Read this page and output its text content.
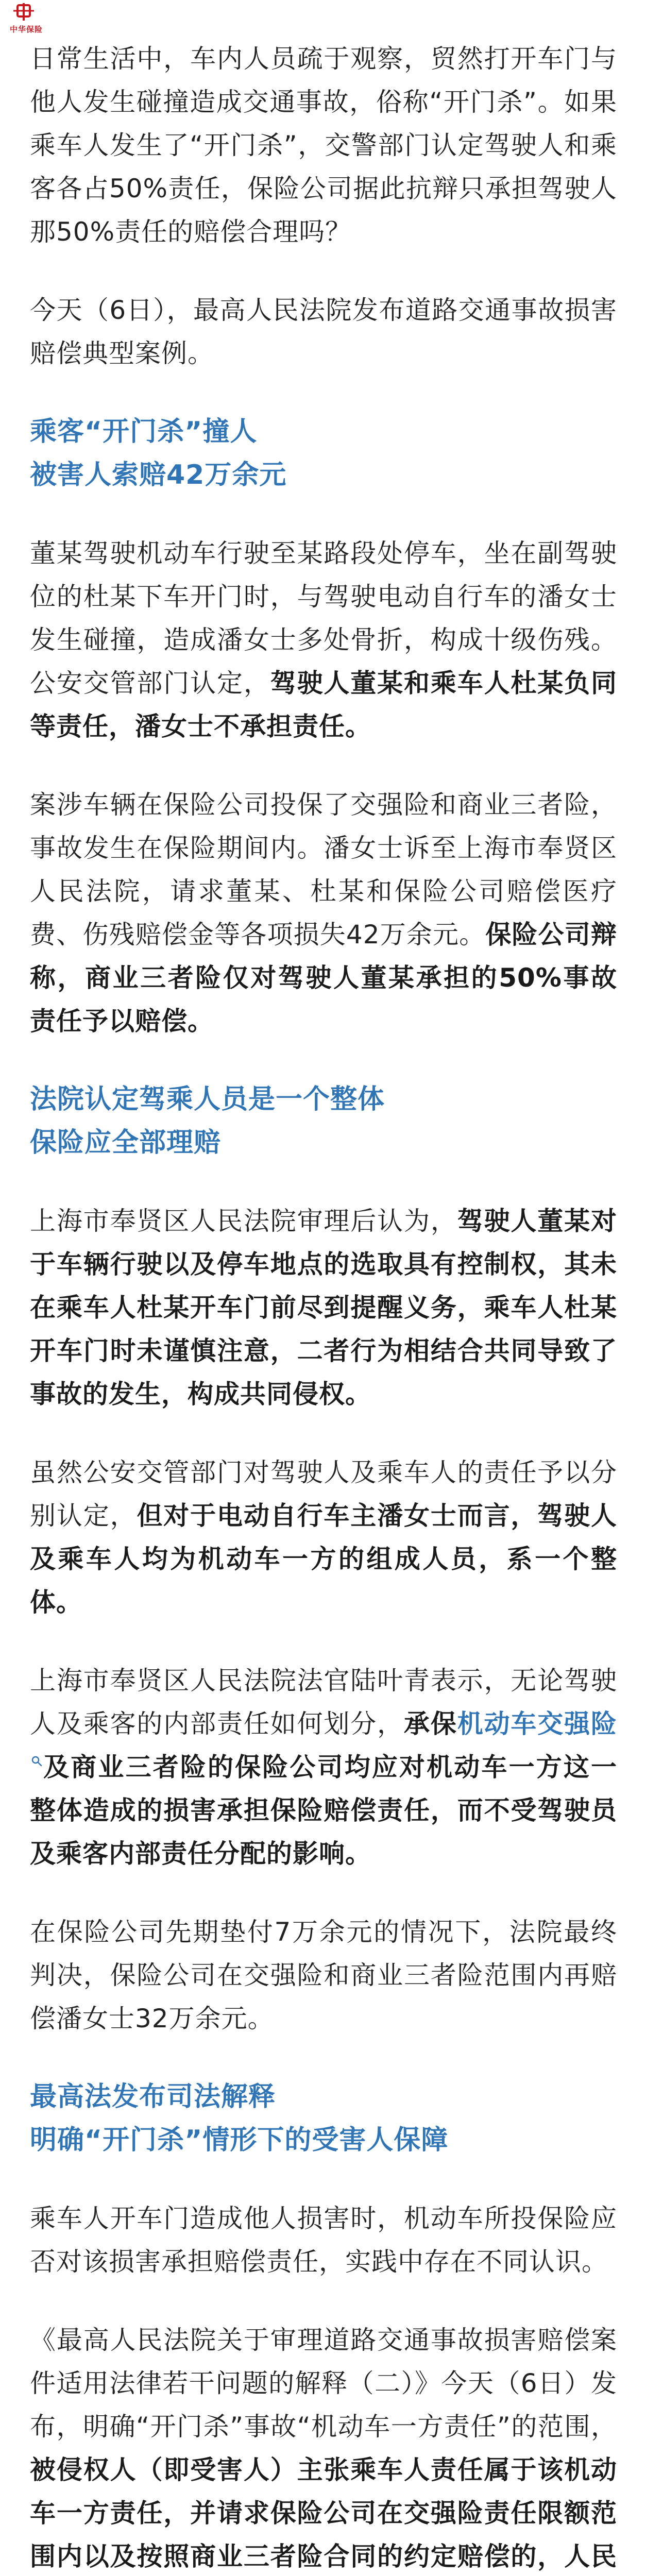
中华保险

日常生活中，车内人员疏于观察，贸然打开车门与他人发生碰撞造成交通事故，俗称“开门杀”。如果乘车人发生了“开门杀”，交警部门认定驾驶人和乘客各占50%责任，保险公司据此抗辩只承担驾驶人那50%责任的赔偿合理吗？

今天（6日），最高人民法院发布道路交通事故损害赔偿典型案例。

乘客“开门杀”撞人
被害人索赔42万余元

董某驾驶机动车行驶至某路段处停车，坐在副驾驶位的杜某下车开门时，与驾驶电动自行车的潘女士发生碰撞，造成潘女士多处骨折，构成十级伤残。公安交管部门认定，驾驶人董某和乘车人杜某负同等责任，潘女士不承担责任。

案涉车辆在保险公司投保了交强险和商业三者险，事故发生在保险期间内。潘女士诉至上海市奉贤区人民法院，请求董某、杜某和保险公司赔偿医疗费、伤残赔偿金等各项损失42万余元。保险公司辩称，商业三者险仅对驾驶人董某承担的50%事故责任予以赔偿。

法院认定驾乘人员是一个整体
保险应全部理赔

上海市奉贤区人民法院审理后认为，驾驶人董某对于车辆行驶以及停车地点的选取具有控制权，其未在乘车人杜某开车门前尽到提醒义务，乘车人杜某开车门时未谨慎注意，二者行为相结合共同导致了事故的发生，构成共同侵权。

虽然公安交管部门对驾驶人及乘车人的责任予以分别认定，但对于电动自行车主潘女士而言，驾驶人及乘车人均为机动车一方的组成人员，系一个整体。

上海市奉贤区人民法院法官陆叶青表示，无论驾驶人及乘客的内部责任如何划分，承保机动车交强险及商业三者险的保险公司均应对机动车一方这一整体造成的损害承担保险赔偿责任，而不受驾驶员及乘客内部责任分配的影响。

在保险公司先期垫付7万余元的情况下，法院最终判决，保险公司在交强险和商业三者险范围内再赔偿潘女士32万余元。

最高法发布司法解释
明确“开门杀”情形下的受害人保障

乘车人开车门造成他人损害时，机动车所投保险应否对该损害承担赔偿责任，实践中存在不同认识。

《最高人民法院关于审理道路交通事故损害赔偿案件适用法律若干问题的解释（二）》今天（6日）发布，明确“开门杀”事故“机动车一方责任”的范围，被侵权人（即受害人）主张乘车人责任属于该机动车一方责任，并请求保险公司在交强险责任限额范围内以及按照商业三者险合同的约定赔偿的，人民
